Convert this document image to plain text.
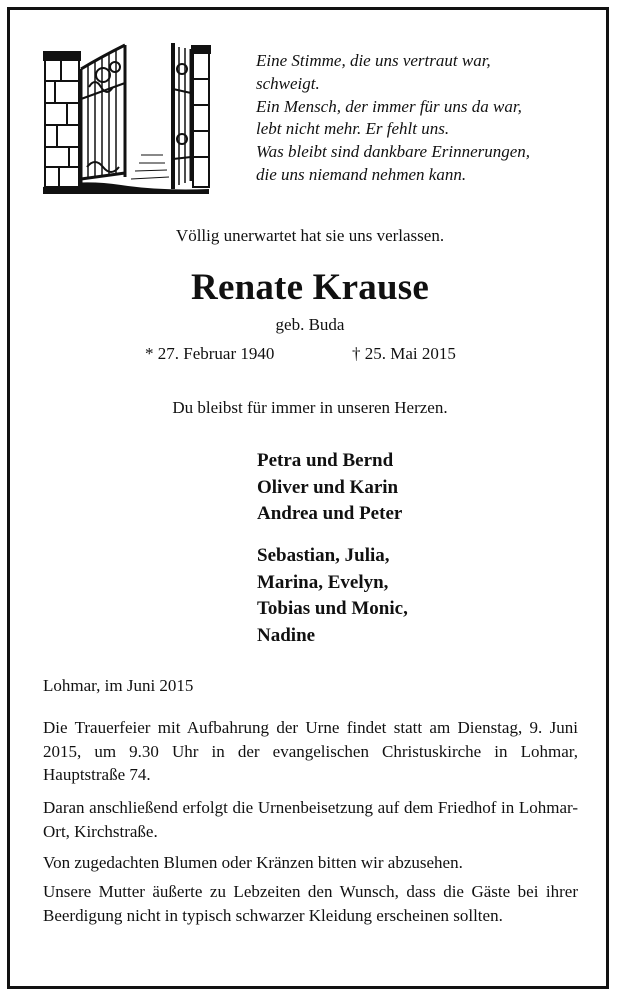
Eine Stimme, die uns vertraut war,
schweigt.
Ein Mensch, der immer für uns da war,
lebt nicht mehr. Er fehlt uns.
Was bleibt sind dankbare Erinnerungen,
die uns niemand nehmen kann.
Völlig unerwartet hat sie uns verlassen.
Renate Krause
geb. Buda
* 27. Februar 1940	† 25. Mai 2015
Du bleibst für immer in unseren Herzen.
Petra und Bernd
Oliver und Karin
Andrea und Peter
Sebastian, Julia,
Marina, Evelyn,
Tobias und Monic,
Nadine
Lohmar, im Juni 2015
Die Trauerfeier mit Aufbahrung der Urne findet statt am Dienstag, 9. Juni 2015, um 9.30 Uhr in der evangelischen Christuskirche in Lohmar, Hauptstraße 74.
Daran anschließend erfolgt die Urnenbeisetzung auf dem Friedhof in Lohmar-Ort, Kirchstraße.
Von zugedachten Blumen oder Kränzen bitten wir abzusehen.
Unsere Mutter äußerte zu Lebzeiten den Wunsch, dass die Gäste bei ihrer Beerdigung nicht in typisch schwarzer Kleidung erscheinen sollten.
